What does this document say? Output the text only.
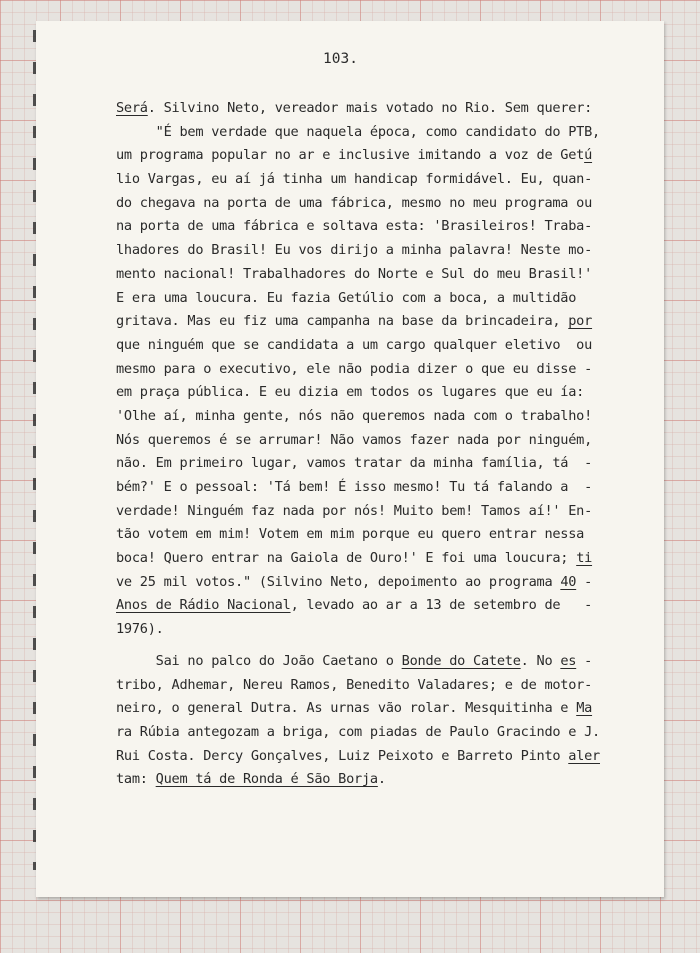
103.
Será. Silvino Neto, vereador mais votado no Rio. Sem querer:
"É bem verdade que naquela época, como candidato do PTB,
um programa popular no ar e inclusive imitando a voz de Getú
lio Vargas, eu aí já tinha um handicap formidável. Eu, quan-
do chegava na porta de uma fábrica, mesmo no meu programa ou
na porta de uma fábrica e soltava esta: 'Brasileiros! Traba-
lhadores do Brasil! Eu vos dirijo a minha palavra! Neste mo-
mento nacional! Trabalhadores do Norte e Sul do meu Brasil!'
E era uma loucura. Eu fazia Getúlio com a boca, a multidão
gritava. Mas eu fiz uma campanha na base da brincadeira, por
que ninguém que se candidata a um cargo qualquer eletivo  ou
mesmo para o executivo, ele não podia dizer o que eu disse -
em praça pública. E eu dizia em todos os lugares que eu ía:
'Olhe aí, minha gente, nós não queremos nada com o trabalho!
Nós queremos é se arrumar! Não vamos fazer nada por ninguém,
não. Em primeiro lugar, vamos tratar da minha família, tá  -
bém?' E o pessoal: 'Tá bem! É isso mesmo! Tu tá falando a  -
verdade! Ninguém faz nada por nós! Muito bem! Tamos aí!' En-
tão votem em mim! Votem em mim porque eu quero entrar nessa
boca! Quero entrar na Gaiola de Ouro!' E foi uma loucura; ti
ve 25 mil votos." (Silvino Neto, depoimento ao programa 40 -
Anos de Rádio Nacional, levado ao ar a 13 de setembro de   -
1976).
Sai no palco do João Caetano o Bonde do Catete. No es -
tribo, Adhemar, Nereu Ramos, Benedito Valadares; e de motor-
neiro, o general Dutra. As urnas vão rolar. Mesquitinha e Ma
ra Rúbia antegozam a briga, com piadas de Paulo Gracindo e J.
Rui Costa. Dercy Gonçalves, Luiz Peixoto e Barreto Pinto aler
tam: Quem tá de Ronda é São Borja.
